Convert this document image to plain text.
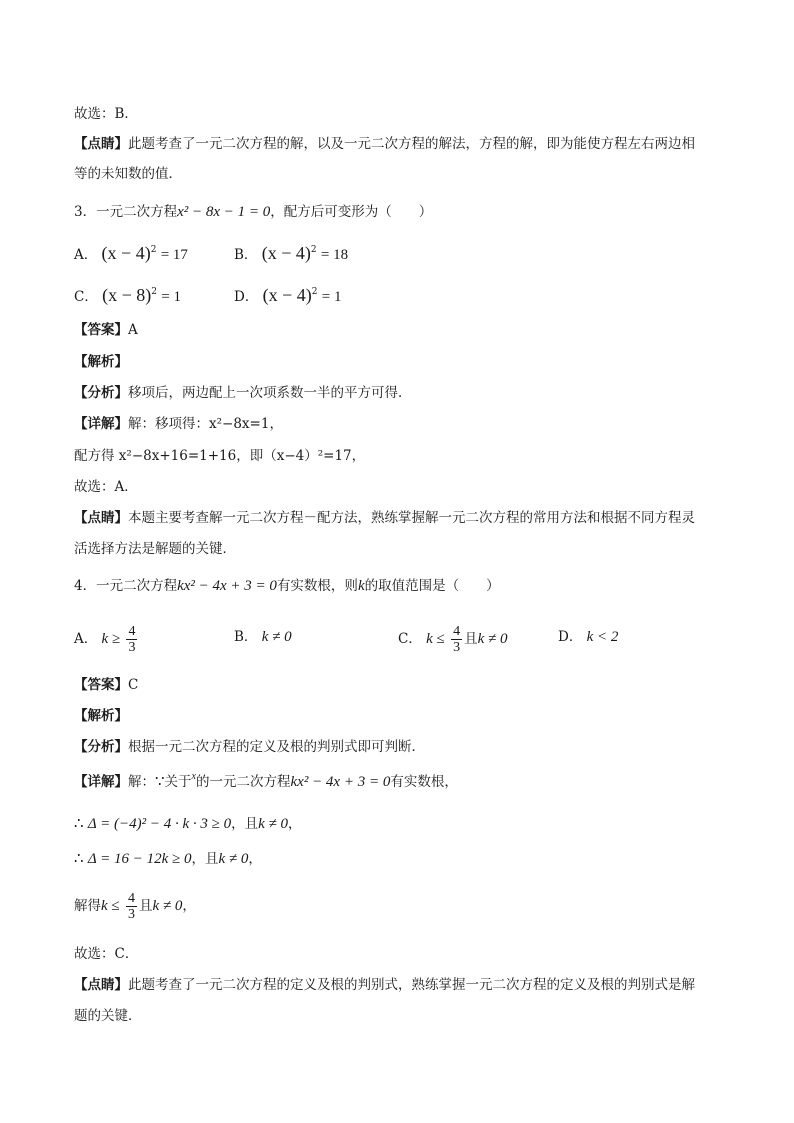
故选：B．
【点睛】此题考查了一元二次方程的解，以及一元二次方程的解法，方程的解，即为能使方程左右两边相
等的未知数的值．
3．一元二次方程x² − 8x − 1 = 0，配方后可变形为（　　）
A． $(x - 4)^2 = 17$	B． $(x - 4)^2 = 18$
C． $(x - 8)^2 = 1$	D． $(x - 4)^2 = 1$
【答案】A
【解析】
【分析】移项后，两边配上一次项系数一半的平方可得．
【详解】解：移项得：x²−8x=1，
配方得 x²−8x+16=1+16，即（x−4）²=17，
故选：A．
【点睛】本题主要考查解一元二次方程－配方法，熟练掌握解一元二次方程的常用方法和根据不同方程灵
活选择方法是解题的关键．
4．一元二次方程kx² − 4x + 3 = 0有实数根，则k的取值范围是（　　）
A． $k \ge \frac{4}{3}$	B． k ≠ 0	C． $k \le \frac{4}{3}$ 且k ≠ 0	D． k < 2
【答案】C
【解析】
【分析】根据一元二次方程的定义及根的判别式即可判断．
【详解】解：∵关于$^x$的一元二次方程kx² − 4x + 3 = 0有实数根，
∴ Δ = (−4)² − 4 · k · 3 ≥ 0，且k ≠ 0，
∴ Δ = 16 − 12k ≥ 0，且k ≠ 0，
解得$k \le \frac{4}{3}$ 且k ≠ 0，
故选：C．
【点睛】此题考查了一元二次方程的定义及根的判别式，熟练掌握一元二次方程的定义及根的判别式是解
题的关键．
